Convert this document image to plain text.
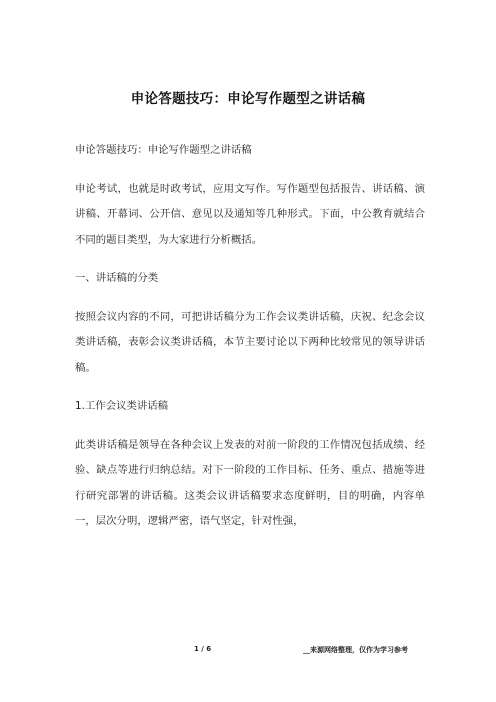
申论答题技巧：申论写作题型之讲话稿

申论答题技巧：申论写作题型之讲话稿

申论考试，也就是时政考试，应用文写作。写作题型包括报告、讲话稿、演讲稿、开幕词、公开信、意见以及通知等几种形式。下面，中公教育就结合不同的题目类型，为大家进行分析概括。

一、讲话稿的分类

按照会议内容的不同，可把讲话稿分为工作会议类讲话稿，庆祝、纪念会议类讲话稿，表彰会议类讲话稿，本节主要讨论以下两种比较常见的领导讲话稿。

1.工作会议类讲话稿

此类讲话稿是领导在各种会议上发表的对前一阶段的工作情况包括成绩、经验、缺点等进行归纳总结。对下一阶段的工作目标、任务、重点、措施等进行研究部署的讲话稿。这类会议讲话稿要求态度鲜明，目的明确，内容单一，层次分明，逻辑严密，语气坚定，针对性强，

1 / 6	__来源网络整理，仅作为学习参考
